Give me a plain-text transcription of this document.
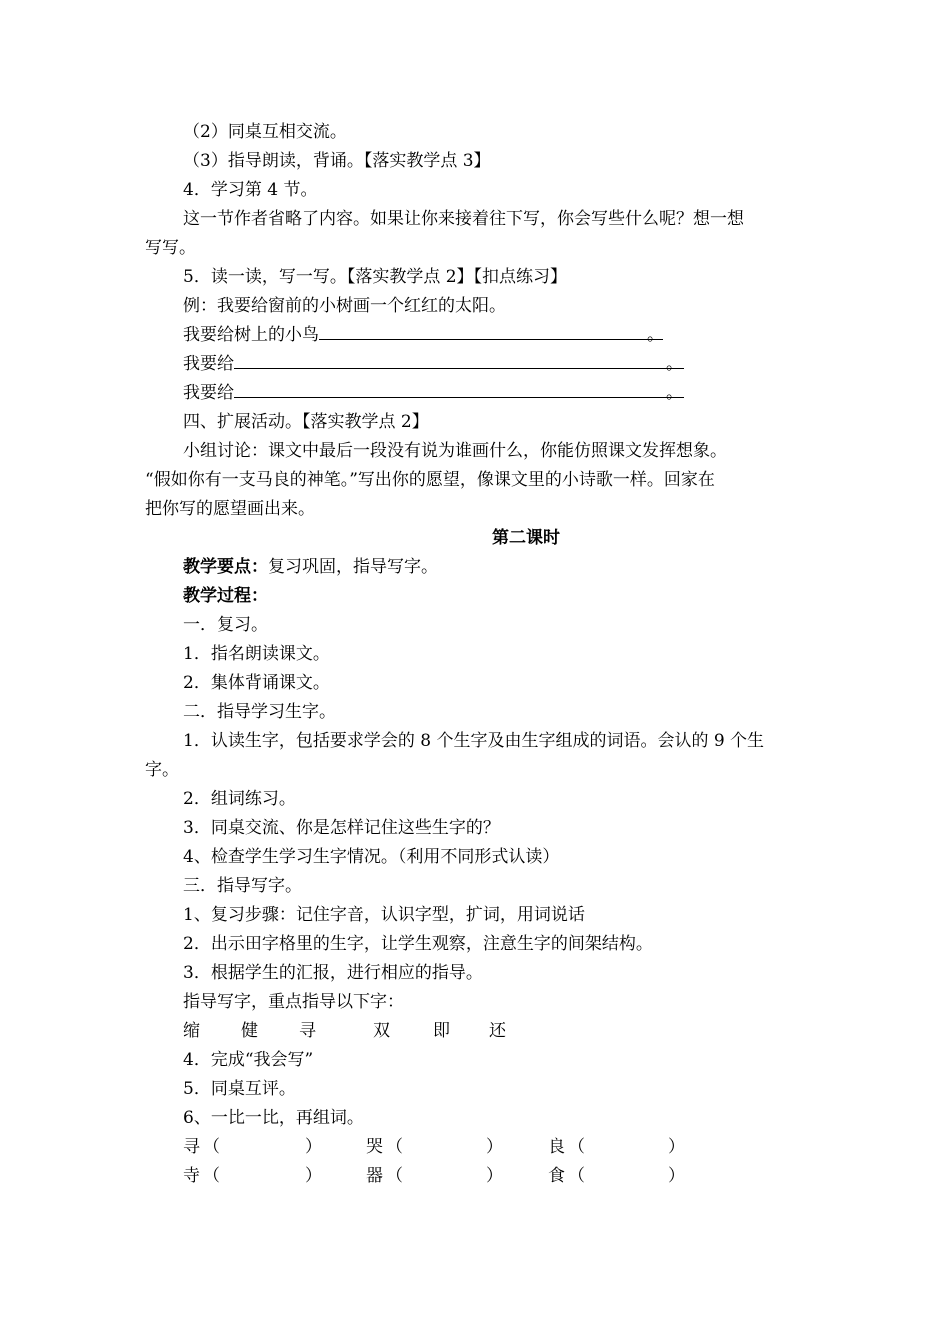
（2）同桌互相交流。
（3）指导朗读，背诵。【落实教学点 3】
4．学习第 4 节。
这一节作者省略了内容。如果让你来接着往下写，你会写些什么呢？想一想
写写。
5．读一读，写一写。【落实教学点 2】【扣点练习】
例：我要给窗前的小树画一个红红的太阳。
我要给树上的小鸟	。
我要给	。
我要给	。
四、扩展活动。【落实教学点 2】
小组讨论：课文中最后一段没有说为谁画什么，你能仿照课文发挥想象。
“假如你有一支马良的神笔。”写出你的愿望，像课文里的小诗歌一样。回家在
把你写的愿望画出来。
第二课时
教学要点：复习巩固，指导写字。
教学过程：
一．复习。
1．指名朗读课文。
2．集体背诵课文。
二．指导学习生字。
1．认读生字，包括要求学会的 8 个生字及由生字组成的词语。会认的 9 个生
字。
2．组词练习。
3．同桌交流、你是怎样记住这些生字的？
4、检查学生学习生字情况。（利用不同形式认读）
三．指导写字。
1、复习步骤：记住字音，认识字型，扩词，用词说话
2．出示田字格里的生字，让学生观察，注意生字的间架结构。
3．根据学生的汇报，进行相应的指导。
指导写字，重点指导以下字：
缩 健 寻	双	即 还
4．完成“我会写”
5．同桌互评。
6、一比一比，再组词。
寻 （	）	哭 （	）	良 （	）
寺 （	）	器 （	）	食 （	）
